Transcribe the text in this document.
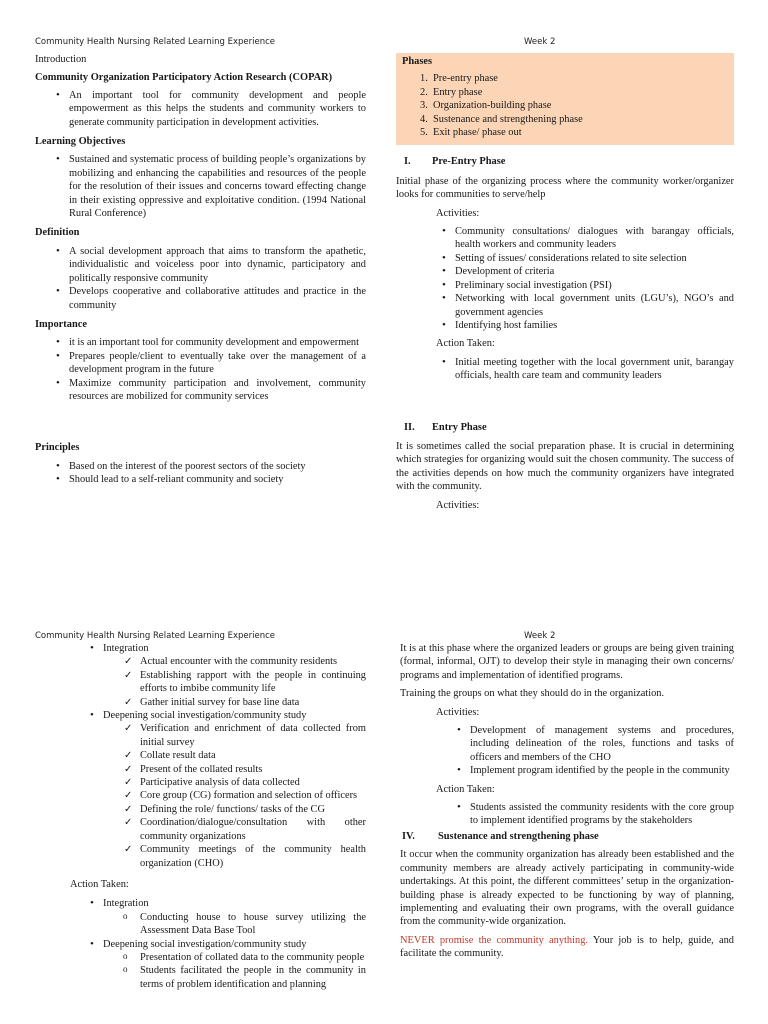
Community Health Nursing Related Learning Experience	Week 2

Introduction

Community Organization Participatory Action Research (COPAR)

• An important tool for community development and people empowerment as this helps the students and community workers to generate community participation in development activities.

Learning Objectives

• Sustained and systematic process of building people’s organizations by mobilizing and enhancing the capabilities and resources of the people for the resolution of their issues and concerns toward effecting change in their existing oppressive and exploitative condition. (1994 National Rural Conference)

Definition

• A social development approach that aims to transform the apathetic, individualistic and voiceless poor into dynamic, participatory and politically responsive community
• Develops cooperative and collaborative attitudes and practice in the community

Importance

• it is an important tool for community development and empowerment
• Prepares people/client to eventually take over the management of a development program in the future
• Maximize community participation and involvement, community resources are mobilized for community services

Principles

• Based on the interest of the poorest sectors of the society
• Should lead to a self-reliant community and society
Phases
1.  Pre-entry phase
2.  Entry phase
3.  Organization-building phase
4.  Sustenance and strengthening phase
5.  Exit phase/ phase out
I. Pre-Entry Phase

Initial phase of the organizing process where the community worker/organizer looks for communities to serve/help

Activities:

• Community consultations/ dialogues with barangay officials, health workers and community leaders
• Setting of issues/ considerations related to site selection
• Development of criteria
• Preliminary social investigation (PSI)
• Networking with local government units (LGU’s), NGO’s and government agencies
• Identifying host families

Action Taken:

• Initial meeting together with the local government unit, barangay officials, health care team and community leaders
II. Entry Phase

It is sometimes called the social preparation phase. It is crucial in determining which strategies for organizing would suit the chosen community. The success of the activities depends on how much the community organizers have integrated with the community.

Activities:

Community Health Nursing Related Learning Experience	Week 2
• Integration
✓ Actual encounter with the community residents
✓ Establishing rapport with the people in continuing efforts to imbibe community life
✓ Gather initial survey for base line data
• Deepening social investigation/community study
✓ Verification and enrichment of data collected from initial survey
✓ Collate result data
✓ Present of the collated results
✓ Participative analysis of data collected
✓ Core group (CG) formation and selection of officers
✓ Defining the role/ functions/ tasks of the CG
✓ Coordination/dialogue/consultation with other community organizations
✓ Community meetings of the community health organization (CHO)

Action Taken:

• Integration
o Conducting house to house survey utilizing the Assessment Data Base Tool
• Deepening social investigation/community study
o Presentation of collated data to the community people
o Students facilitated the people in the community in terms of problem identification and planning

It is at this phase where the organized leaders or groups are being given training (formal, informal, OJT) to develop their style in managing their own concerns/ programs and implementation of identified programs.

Training the groups on what they should do in the organization.

Activities:

• Development of management systems and procedures, including delineation of the roles, functions and tasks of officers and members of the CHO
• Implement program identified by the people in the community

Action Taken:

• Students assisted the community residents with the core group to implement identified programs by the stakeholders
IV. Sustenance and strengthening phase

It occur when the community organization has already been established and the community members are already actively participating in community-wide undertakings. At this point, the different committees’ setup in the organization-building phase is already expected to be functioning by way of planning, implementing and evaluating their own programs, with the overall guidance from the community-wide organization.

NEVER promise the community anything. Your job is to help, guide, and facilitate the community.
